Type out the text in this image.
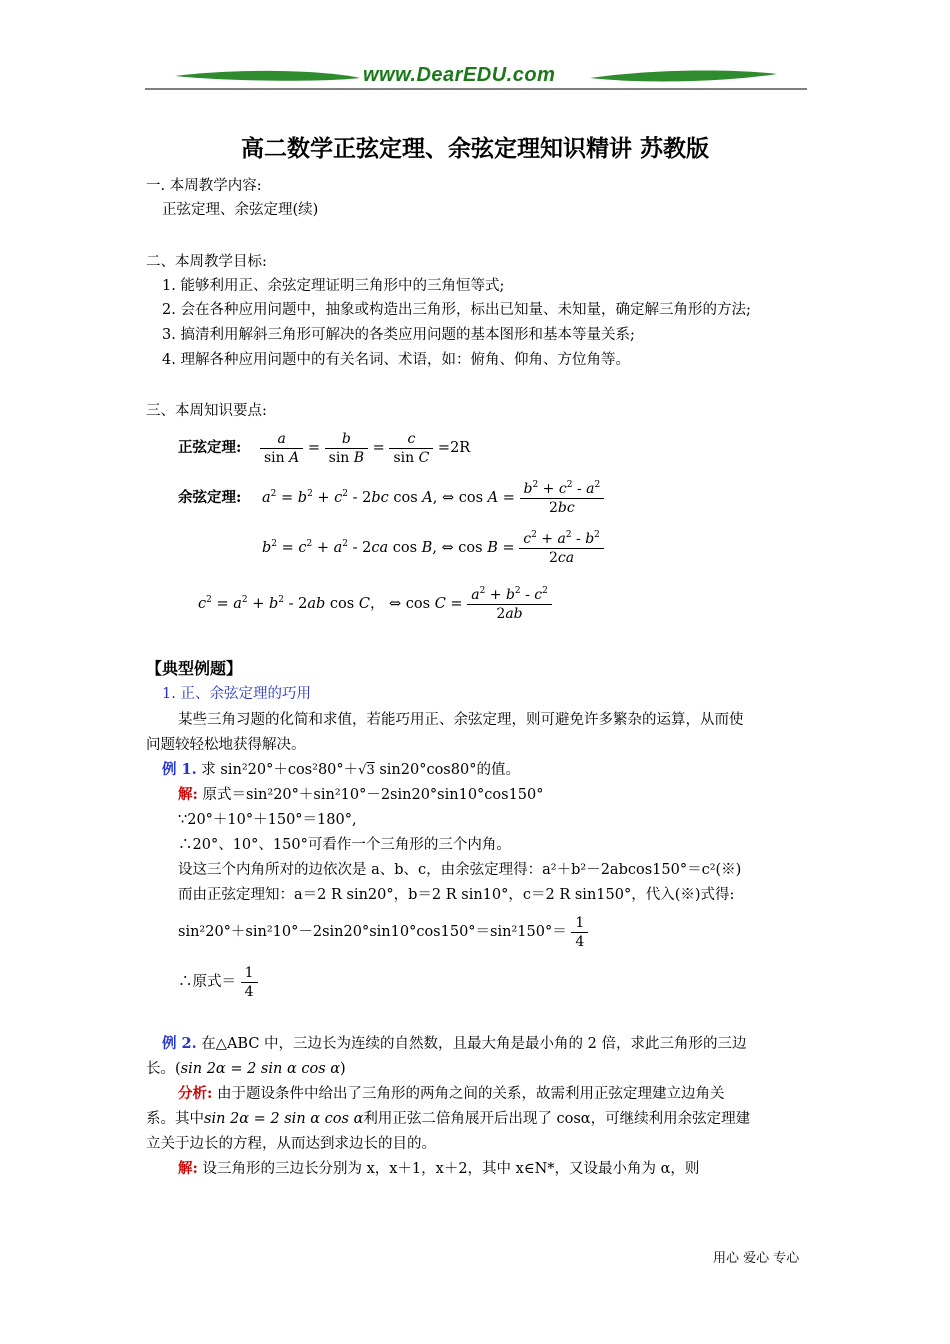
www.DearEDU.com
高二数学正弦定理、余弦定理知识精讲 苏教版
一. 本周教学内容:
正弦定理、余弦定理(续)
二、本周教学目标:
1. 能够利用正、余弦定理证明三角形中的三角恒等式;
2. 会在各种应用问题中，抽象或构造出三角形，标出已知量、未知量，确定解三角形的方法;
3. 搞清利用解斜三角形可解决的各类应用问题的基本图形和基本等量关系;
4. 理解各种应用问题中的有关名词、术语，如：俯角、仰角、方位角等。
三、本周知识要点:
正弦定理: $\frac{a}{\text{sin A}} = \frac{b}{\text{sin B}} = \frac{c}{\text{sin C}} =2R$
余弦定理: $a^2 = b^2 + c^2 - 2bc$ cos A, ⇔ $\cos A = \frac{b^2 + c^2 - a^2}{2bc}$
$b^2 = c^2 + a^2 - 2ca$ cos B, ⇔ $\cos B = \frac{c^2 + a^2 - b^2}{2ca}$
$c^2 = a^2 + b^2 - 2ab$ cos C， ⇔ $\cos C = \frac{a^2 + b^2 - c^2}{2ab}$
【典型例题】
1. 正、余弦定理的巧用
某些三角习题的化简和求值，若能巧用正、余弦定理，则可避免许多繁杂的运算，从而使
问题较轻松地获得解决。
例 1. 求 sin²20°＋cos²80°＋√3 sin20°cos80°的值。
解: 原式＝sin²20°＋sin²10°－2sin20°sin10°cos150°
∵20°＋10°＋150°＝180°,
∴20°、10°、150°可看作一个三角形的三个内角。
设这三个内角所对的边依次是 a、b、c，由余弦定理得：a²＋b²－2abcos150°＝c²(※)
而由正弦定理知：a＝2 R sin20°，b＝2 R sin10°，c＝2 R sin150°，代入(※)式得:
$\sin^220^\circ+\sin^210^\circ-2\sin 20^\circ\sin 10^\circ\cos 150^\circ=\sin^2150^\circ= \frac{1}{4}$
∴原式＝ $\frac{1}{4}$
例 2. 在△ABC 中，三边长为连续的自然数，且最大角是最小角的 2 倍，求此三角形的三边
长。(sin 2α = 2 sin α cos α)
分析: 由于题设条件中给出了三角形的两角之间的关系，故需利用正弦定理建立边角关
系。其中sin 2α = 2 sin α cos α利用正弦二倍角展开后出现了 cosα，可继续利用余弦定理建
立关于边长的方程，从而达到求边长的目的。
解: 设三角形的三边长分别为 x，x＋1，x＋2，其中 x∈N*，又设最小角为 α，则
用心 爱心 专心
